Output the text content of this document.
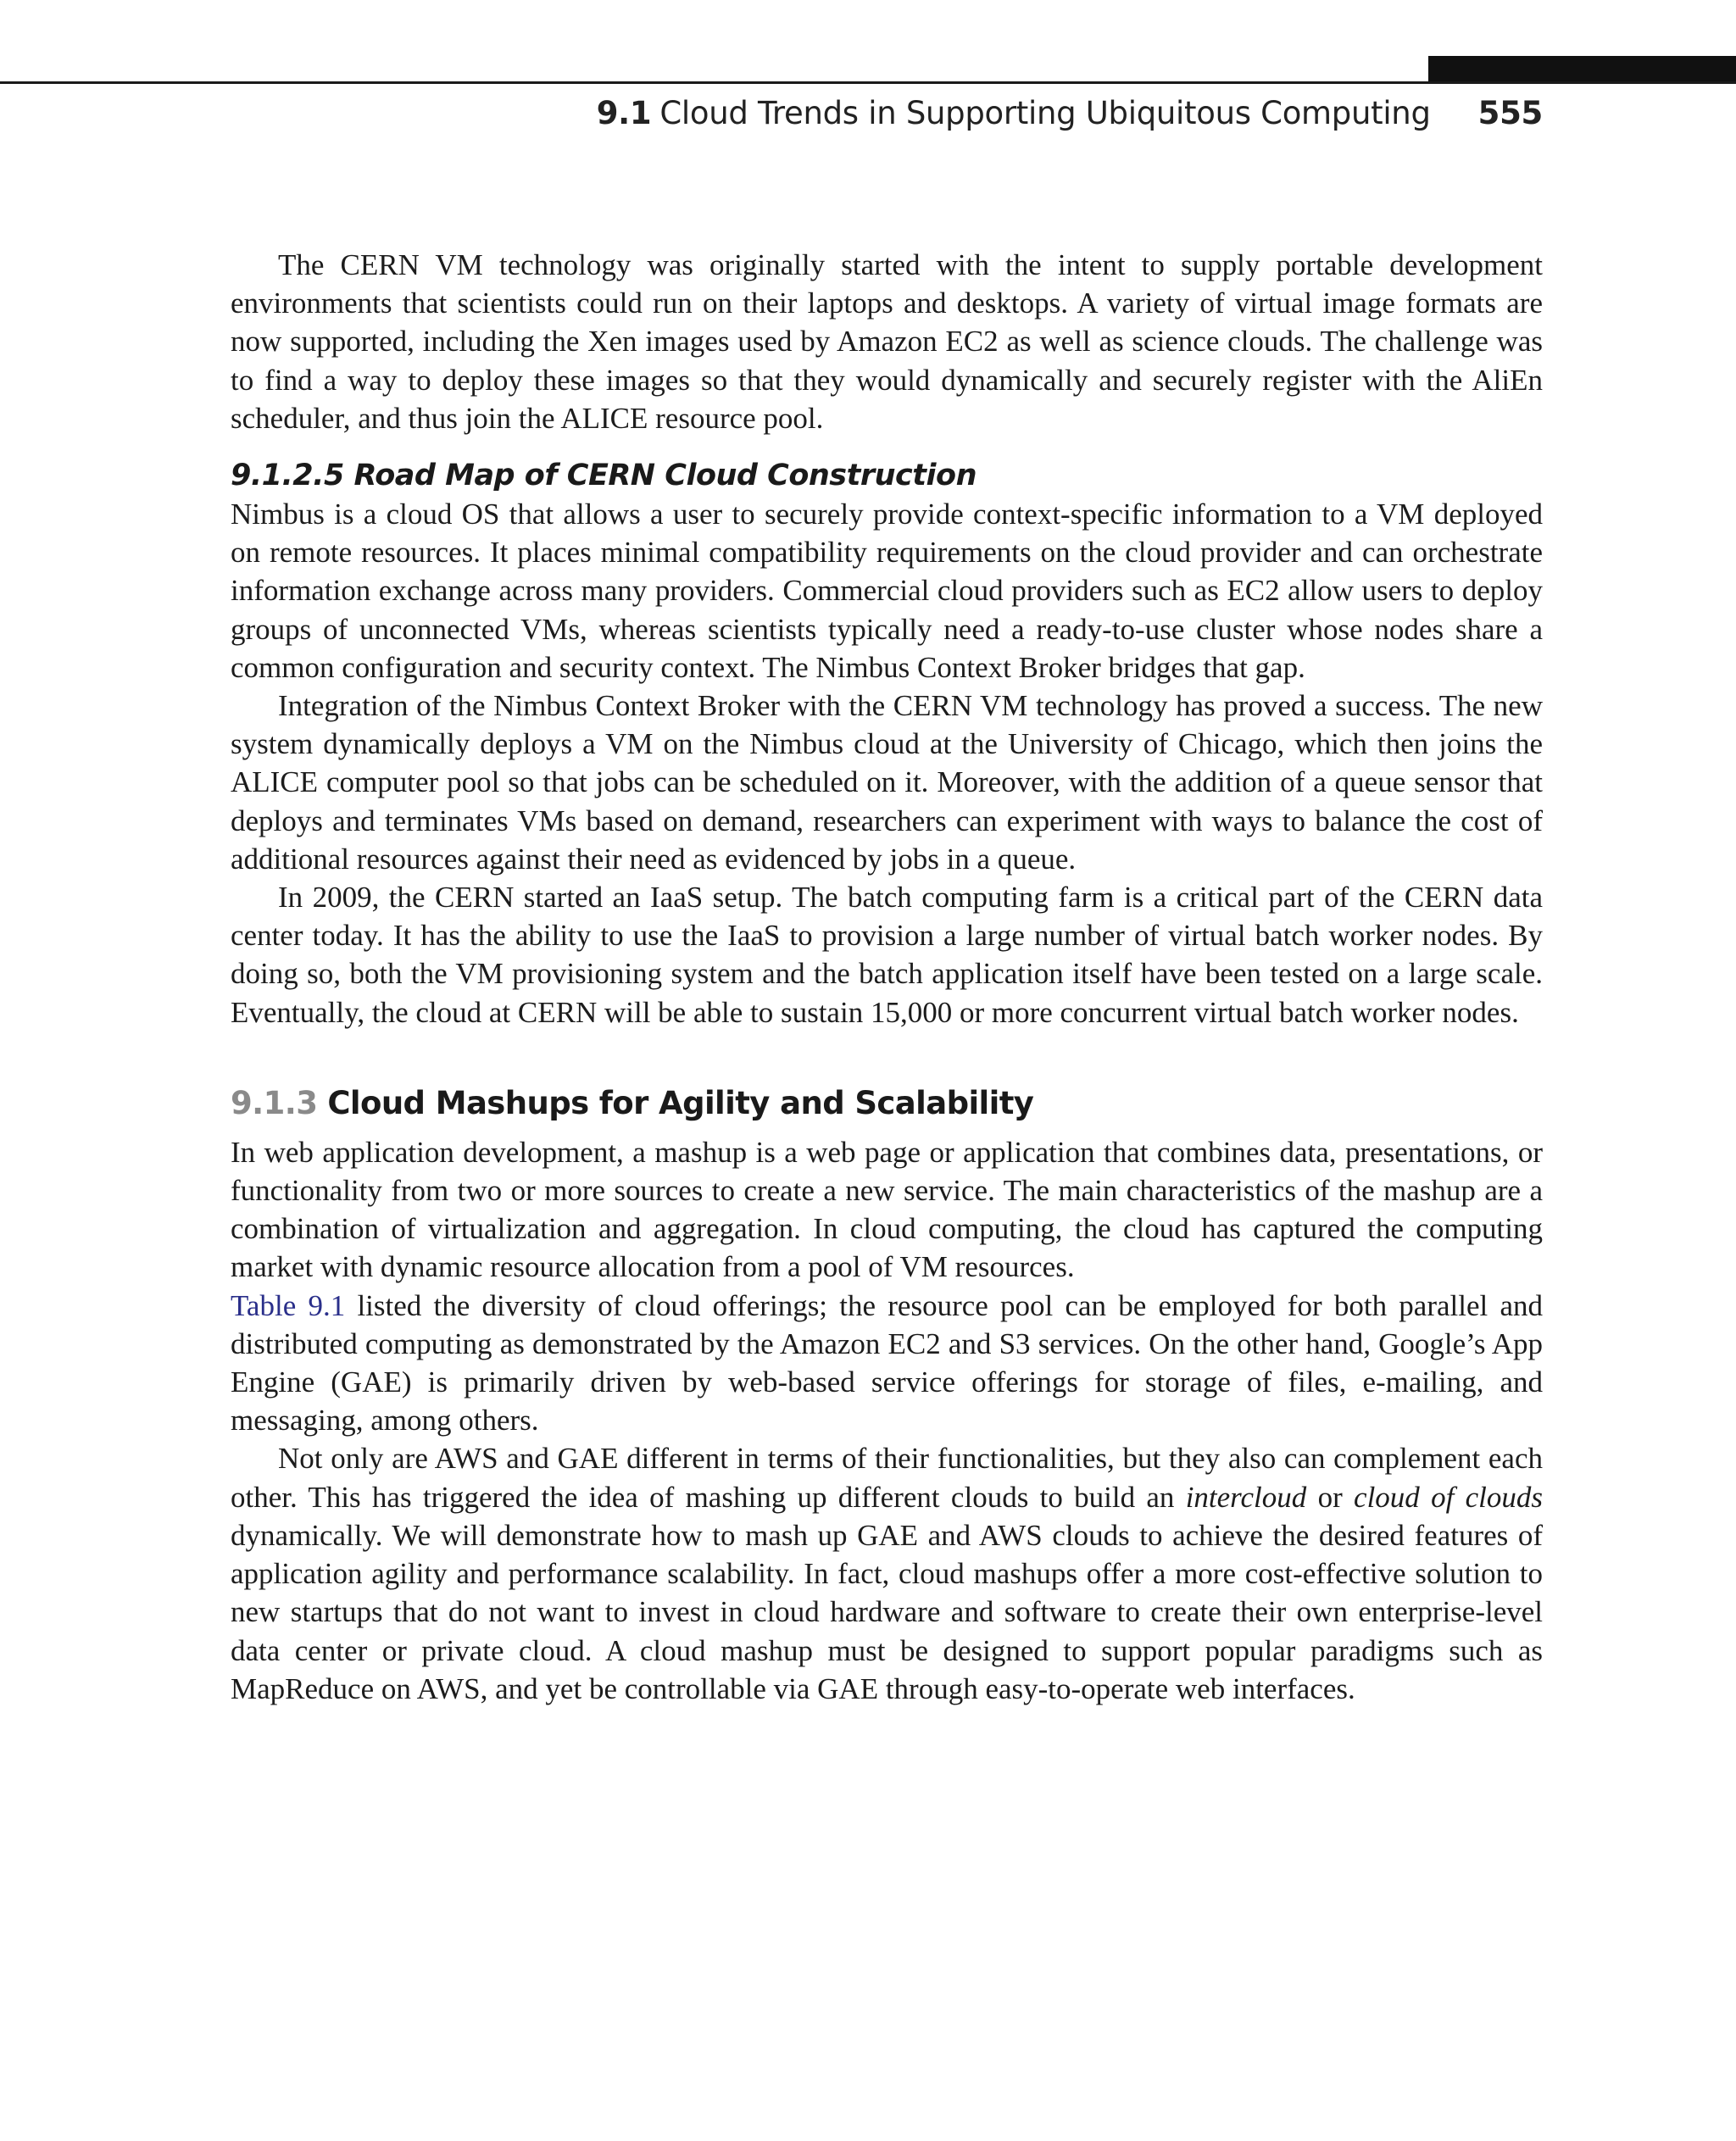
9.1 Cloud Trends in Supporting Ubiquitous Computing 555

The CERN VM technology was originally started with the intent to supply portable development environments that scientists could run on their laptops and desktops. A variety of virtual image formats are now supported, including the Xen images used by Amazon EC2 as well as science clouds. The challenge was to find a way to deploy these images so that they would dynamically and securely register with the AliEn scheduler, and thus join the ALICE resource pool.

9.1.2.5 Road Map of CERN Cloud Construction

Nimbus is a cloud OS that allows a user to securely provide context-specific information to a VM deployed on remote resources. It places minimal compatibility requirements on the cloud provider and can orchestrate information exchange across many providers. Commercial cloud providers such as EC2 allow users to deploy groups of unconnected VMs, whereas scientists typically need a ready-to-use cluster whose nodes share a common configuration and security context. The Nimbus Context Broker bridges that gap.

Integration of the Nimbus Context Broker with the CERN VM technology has proved a success. The new system dynamically deploys a VM on the Nimbus cloud at the University of Chicago, which then joins the ALICE computer pool so that jobs can be scheduled on it. Moreover, with the addition of a queue sensor that deploys and terminates VMs based on demand, researchers can experiment with ways to balance the cost of additional resources against their need as evidenced by jobs in a queue.

In 2009, the CERN started an IaaS setup. The batch computing farm is a critical part of the CERN data center today. It has the ability to use the IaaS to provision a large number of virtual batch worker nodes. By doing so, both the VM provisioning system and the batch application itself have been tested on a large scale. Eventually, the cloud at CERN will be able to sustain 15,000 or more concurrent virtual batch worker nodes.

9.1.3 Cloud Mashups for Agility and Scalability

In web application development, a mashup is a web page or application that combines data, presentations, or functionality from two or more sources to create a new service. The main characteristics of the mashup are a combination of virtualization and aggregation. In cloud computing, the cloud has captured the computing market with dynamic resource allocation from a pool of VM resources.
Table 9.1 listed the diversity of cloud offerings; the resource pool can be employed for both parallel and distributed computing as demonstrated by the Amazon EC2 and S3 services. On the other hand, Google’s App Engine (GAE) is primarily driven by web-based service offerings for storage of files, e-mailing, and messaging, among others.

Not only are AWS and GAE different in terms of their functionalities, but they also can complement each other. This has triggered the idea of mashing up different clouds to build an intercloud or cloud of clouds dynamically. We will demonstrate how to mash up GAE and AWS clouds to achieve the desired features of application agility and performance scalability. In fact, cloud mashups offer a more cost-effective solution to new startups that do not want to invest in cloud hardware and software to create their own enterprise-level data center or private cloud. A cloud mashup must be designed to support popular paradigms such as MapReduce on AWS, and yet be controllable via GAE through easy-to-operate web interfaces.
